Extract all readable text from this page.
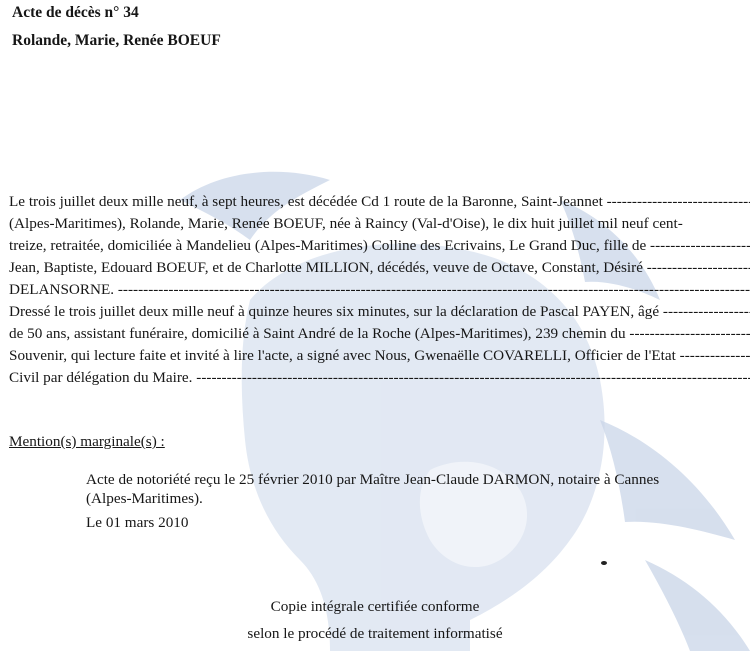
Acte de décès n° 34
Rolande, Marie, Renée BOEUF
Le trois juillet deux mille neuf, à sept heures, est décédée Cd 1 route de la Baronne, Saint-Jeannet -----
(Alpes-Maritimes), Rolande, Marie, Renée BOEUF, née à Raincy (Val-d'Oise), le dix huit juillet mil neuf cent-
treize, retraitée, domiciliée à Mandelieu (Alpes-Maritimes) Colline des Ecrivains, Le Grand Duc, fille de -----
Jean, Baptiste, Edouard BOEUF, et de Charlotte MILLION, décédés, veuve de Octave, Constant, Désiré -----
DELANSORNE. -----
Dressé le trois juillet deux mille neuf à quinze heures six minutes, sur la déclaration de Pascal PAYEN, âgé -----
de 50 ans, assistant funéraire, domicilié à Saint André de la Roche (Alpes-Maritimes), 239 chemin du -----
Souvenir, qui lecture faite et invité à lire l'acte, a signé avec Nous, Gwenaëlle COVARELLI, Officier de l'Etat -----
Civil par délégation du Maire. -----
Mention(s) marginale(s) :
Acte de notoriété reçu le 25 février 2010 par Maître Jean-Claude DARMON, notaire à Cannes
(Alpes-Maritimes).
Le 01 mars 2010
Copie intégrale certifiée conforme
selon le procédé de traitement informatisé
